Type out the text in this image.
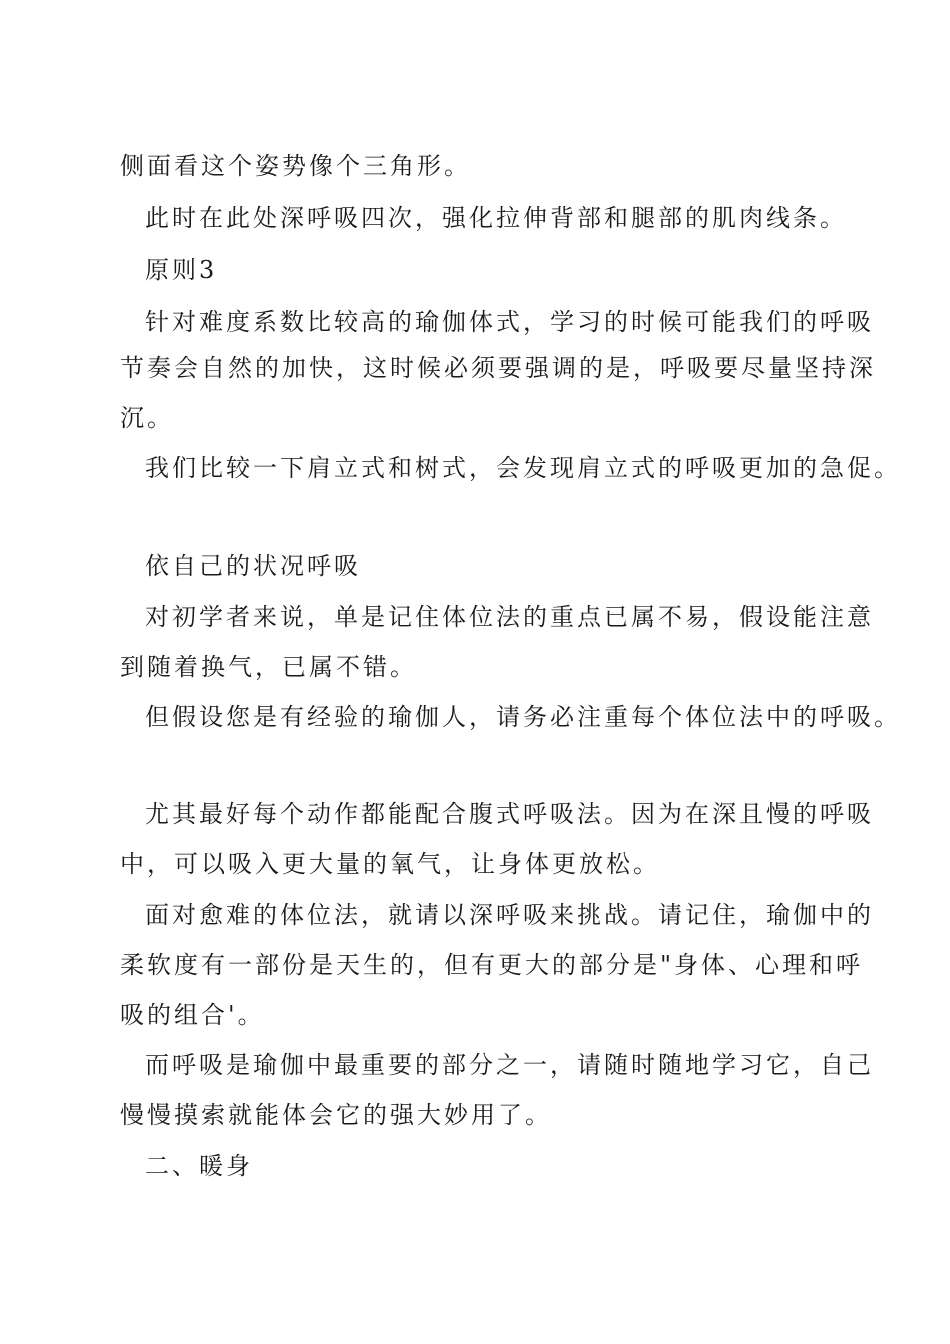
侧面看这个姿势像个三角形。
此时在此处深呼吸四次，强化拉伸背部和腿部的肌肉线条。
原则3
针对难度系数比较高的瑜伽体式，学习的时候可能我们的呼吸
节奏会自然的加快，这时候必须要强调的是，呼吸要尽量坚持深
沉。
我们比较一下肩立式和树式，会发现肩立式的呼吸更加的急促。
依自己的状况呼吸
对初学者来说，单是记住体位法的重点已属不易，假设能注意
到随着换气，已属不错。
但假设您是有经验的瑜伽人，请务必注重每个体位法中的呼吸。
尤其最好每个动作都能配合腹式呼吸法。因为在深且慢的呼吸
中，可以吸入更大量的氧气，让身体更放松。
面对愈难的体位法，就请以深呼吸来挑战。请记住，瑜伽中的
柔软度有一部份是天生的，但有更大的部分是"身体、心理和呼
吸的组合'。
而呼吸是瑜伽中最重要的部分之一，请随时随地学习它，自己
慢慢摸索就能体会它的强大妙用了。
二、暖身
